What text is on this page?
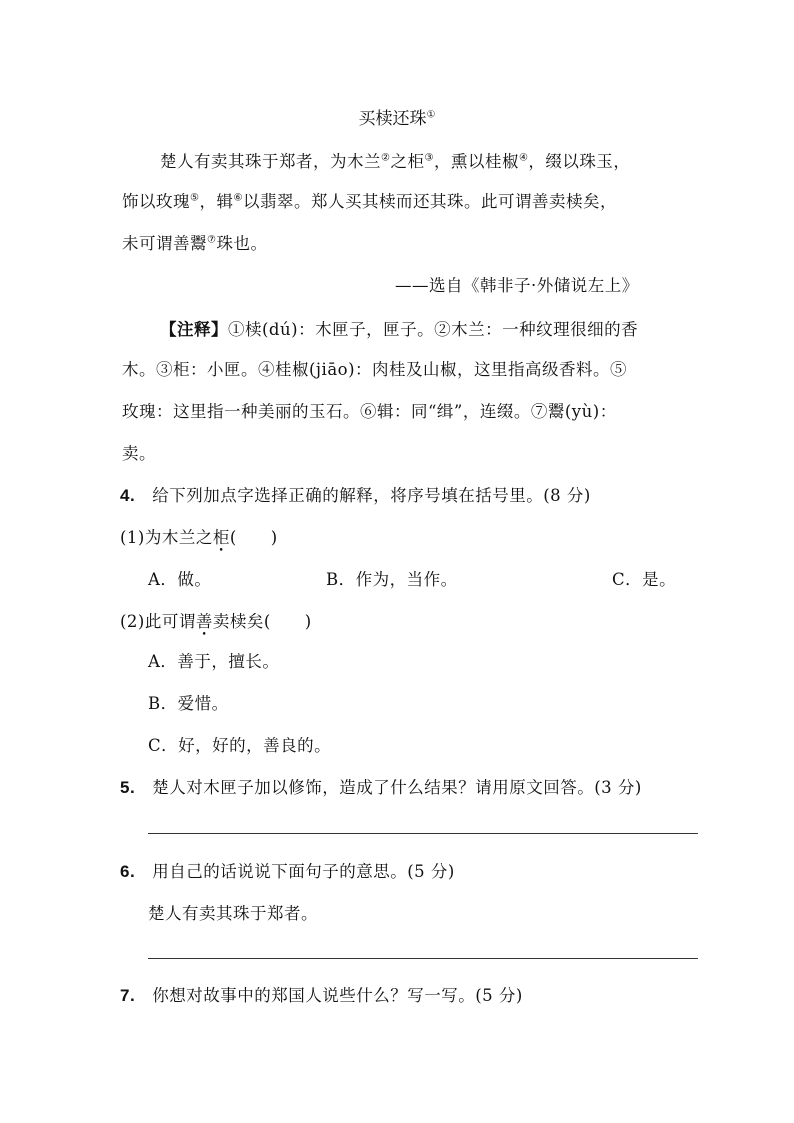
买椟还珠①
楚人有卖其珠于郑者，为木兰②之柜③，熏以桂椒④，缀以珠玉，
饰以玫瑰⑤，辑⑥以翡翠。郑人买其椟而还其珠。此可谓善卖椟矣，
未可谓善鬻⑦珠也。
——选自《韩非子·外储说左上》
【注释】①椟(dú)：木匣子，匣子。②木兰：一种纹理很细的香
木。③柜：小匣。④桂椒(jiāo)：肉桂及山椒，这里指高级香料。⑤
玫瑰：这里指一种美丽的玉石。⑥辑：同“缉”，连缀。⑦鬻(yù)：
卖。
4.　 给下列加点字选择正确的解释，将序号填在括号里。(8 分)
(1)为木兰之柜(　　)
A．做。	B．作为，当作。	C．是。
(2)此可谓善卖椟矣(　　)
A．善于，擅长。
B．爱惜。
C．好，好的，善良的。
5.　 楚人对木匣子加以修饰，造成了什么结果？请用原文回答。(3 分)
6.　 用自己的话说说下面句子的意思。(5 分)
楚人有卖其珠于郑者。
7.　 你想对故事中的郑国人说些什么？写一写。(5 分)
